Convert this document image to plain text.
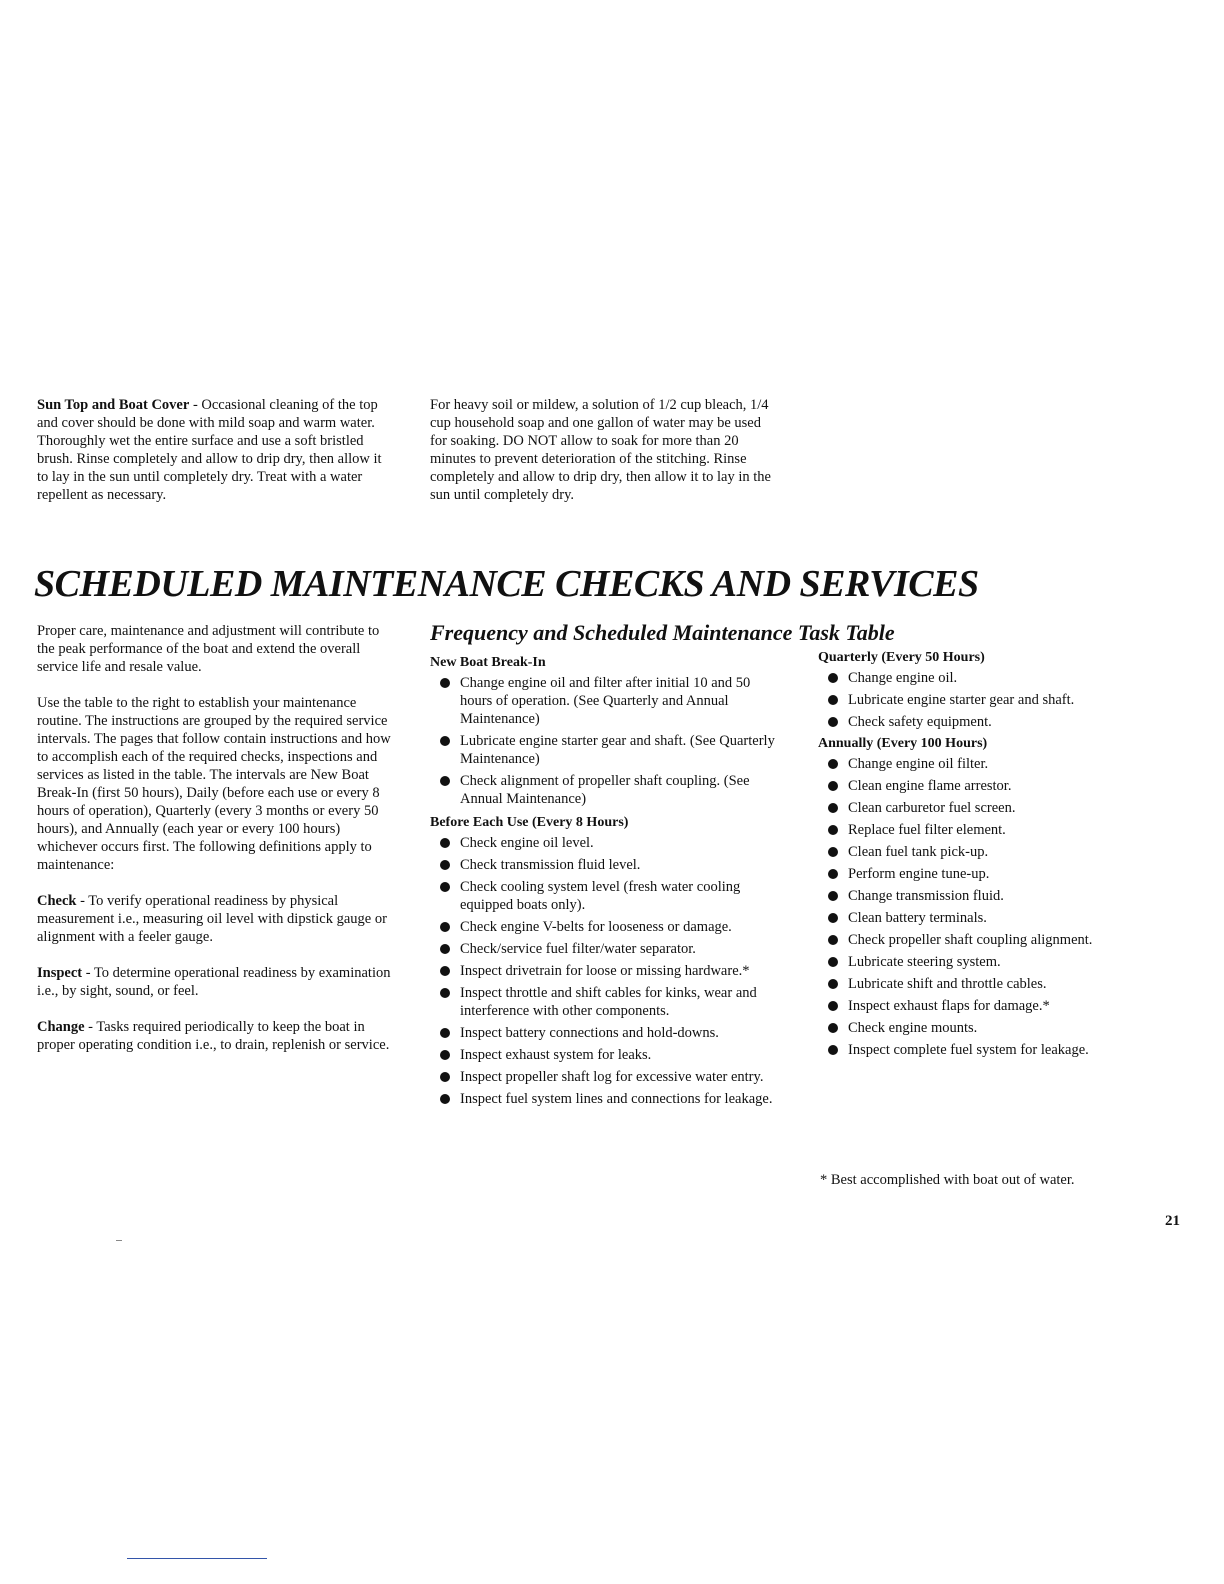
Sun Top and Boat Cover - Occasional cleaning of the top and cover should be done with mild soap and warm water. Thoroughly wet the entire surface and use a soft bristled brush. Rinse completely and allow to drip dry, then allow it to lay in the sun until completely dry. Treat with a water repellent as necessary.

For heavy soil or mildew, a solution of 1/2 cup bleach, 1/4 cup household soap and one gallon of water may be used for soaking. DO NOT allow to soak for more than 20 minutes to prevent deterioration of the stitching. Rinse completely and allow to drip dry, then allow it to lay in the sun until completely dry.

SCHEDULED MAINTENANCE CHECKS AND SERVICES

Proper care, maintenance and adjustment will contribute to the peak performance of the boat and extend the overall service life and resale value.

Use the table to the right to establish your maintenance routine. The instructions are grouped by the required service intervals. The pages that follow contain instructions and how to accomplish each of the required checks, inspections and services as listed in the table. The intervals are New Boat Break-In (first 50 hours), Daily (before each use or every 8 hours of operation), Quarterly (every 3 months or every 50 hours), and Annually (each year or every 100 hours) whichever occurs first. The following definitions apply to maintenance:

Check - To verify operational readiness by physical measurement i.e., measuring oil level with dipstick gauge or alignment with a feeler gauge.

Inspect - To determine operational readiness by examination i.e., by sight, sound, or feel.

Change - Tasks required periodically to keep the boat in proper operating condition i.e., to drain, replenish or service.

Frequency and Scheduled Maintenance Task Table

New Boat Break-In

Change engine oil and filter after initial 10 and 50 hours of operation. (See Quarterly and Annual Maintenance)
Lubricate engine starter gear and shaft. (See Quarterly Maintenance)
Check alignment of propeller shaft coupling. (See Annual Maintenance)

Before Each Use (Every 8 Hours)

Check engine oil level.
Check transmission fluid level.
Check cooling system level (fresh water cooling equipped boats only).
Check engine V-belts for looseness or damage.
Check/service fuel filter/water separator.
Inspect drivetrain for loose or missing hardware.*
Inspect throttle and shift cables for kinks, wear and interference with other components.
Inspect battery connections and hold-downs.
Inspect exhaust system for leaks.
Inspect propeller shaft log for excessive water entry.
Inspect fuel system lines and connections for leakage.

Quarterly (Every 50 Hours)

Change engine oil.
Lubricate engine starter gear and shaft.
Check safety equipment.

Annually (Every 100 Hours)

Change engine oil filter.
Clean engine flame arrestor.
Clean carburetor fuel screen.
Replace fuel filter element.
Clean fuel tank pick-up.
Perform engine tune-up.
Change transmission fluid.
Clean battery terminals.
Check propeller shaft coupling alignment.
Lubricate steering system.
Lubricate shift and throttle cables.
Inspect exhaust flaps for damage.*
Check engine mounts.
Inspect complete fuel system for leakage.
* Best accomplished with boat out of water.
21
